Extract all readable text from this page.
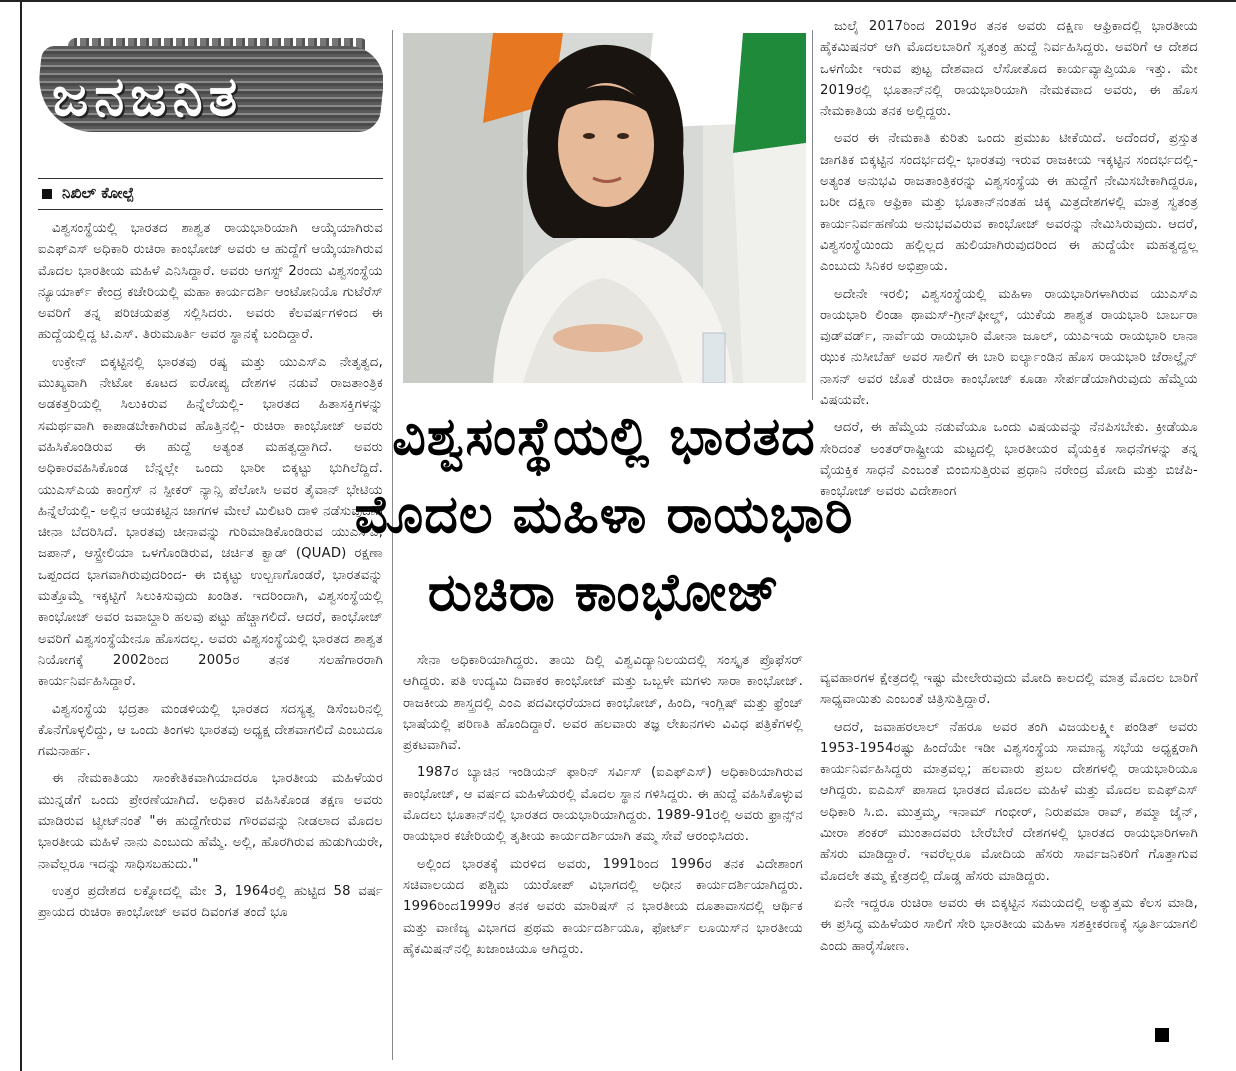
ಜನಜನಿತ
ನಿಖಿಲ್ ಕೋಲ್ಪೆ
ವಿಶ್ವಸಂಸ್ಥೆಯಲ್ಲಿ ಭಾರತದ
ಮೊದಲ ಮಹಿಳಾ ರಾಯಭಾರಿ
ರುಚಿರಾ ಕಾಂಭೋಜ್

ವಿಶ್ವಸಂಸ್ಥೆಯಲ್ಲಿ ಭಾರತದ ಶಾಶ್ವತ ರಾಯಭಾರಿಯಾಗಿ ಆಯ್ಕೆಯಾಗಿರುವ ಐಎಫ್‌ಎಸ್ ಅಧಿಕಾರಿ ರುಚಿರಾ ಕಾಂಭೋಜ್ ಅವರು ಆ ಹುದ್ದೆಗೆ ಆಯ್ಕೆಯಾಗಿರುವ ಮೊದಲ ಭಾರತೀಯ ಮಹಿಳೆ ಎನಿಸಿದ್ದಾರೆ. ಅವರು ಆಗಸ್ಟ್ 2ರಂದು ವಿಶ್ವಸಂಸ್ಥೆಯ ನ್ಯೂಯಾರ್ಕ್ ಕೇಂದ್ರ ಕಚೇರಿಯಲ್ಲಿ ಮಹಾ ಕಾರ್ಯದರ್ಶಿ ಆಂಟೋನಿಯೊ ಗುಟೆರೆಸ್ ಅವರಿಗೆ ತನ್ನ ಪರಿಚಯಪತ್ರ ಸಲ್ಲಿಸಿದರು. ಅವರು ಕೆಲವರ್ಷಗಳಿಂದ ಈ ಹುದ್ದೆಯಲ್ಲಿದ್ದ ಟಿ.ಎಸ್. ತಿರುಮೂರ್ತಿ ಅವರ ಸ್ಥಾನಕ್ಕೆ ಬಂದಿದ್ದಾರೆ.

ಉಕ್ರೇನ್ ಬಿಕ್ಕಟ್ಟಿನಲ್ಲಿ ಭಾರತವು ರಷ್ಯ ಮತ್ತು ಯುಎಸ್‌ಎ ನೇತೃತ್ವದ, ಮುಖ್ಯವಾಗಿ ನೇಟೋ ಕೂಟದ ಐರೋಪ್ಯ ದೇಶಗಳ ನಡುವೆ ರಾಜತಾಂತ್ರಿಕ ಅಡಕತ್ತರಿಯಲ್ಲಿ ಸಿಲುಕಿರುವ ಹಿನ್ನೆಲೆಯಲ್ಲಿ- ಭಾರತದ ಹಿತಾಸಕ್ತಿಗಳನ್ನು ಸಮರ್ಥವಾಗಿ ಕಾಪಾಡಬೇಕಾಗಿರುವ ಹೊತ್ತಿನಲ್ಲಿ- ರುಚಿರಾ ಕಾಂಭೋಜ್ ಅವರು ವಹಿಸಿಕೊಂಡಿರುವ ಈ ಹುದ್ದೆ ಅತ್ಯಂತ ಮಹತ್ವದ್ದಾಗಿದೆ. ಅವರು ಅಧಿಕಾರವಹಿಸಿಕೊಂಡ ಬೆನ್ನಲ್ಲೇ ಒಂದು ಭಾರೀ ಬಿಕ್ಕಟ್ಟು ಭುಗಿಲೆದ್ದಿದೆ. ಯುಎಸ್‌ಎಯ ಕಾಂಗ್ರೆಸ್ ನ ಸ್ಪೀಕರ್ ನ್ಯಾನ್ಸಿ ಪೆಲೋಸಿ ಅವರ ತೈವಾನ್ ಭೇಟಿಯ ಹಿನ್ನೆಲೆಯಲ್ಲಿ- ಅಲ್ಲಿನ ಆಯಕಟ್ಟಿನ ಜಾಗಗಳ ಮೇಲೆ ಮಿಲಿಟರಿ ದಾಳಿ ನಡೆಸುವುದಾಗಿ ಚೀನಾ ಬೆದರಿಸಿದೆ. ಭಾರತವು ಚೀನಾವನ್ನು ಗುರಿಮಾಡಿಕೊಂಡಿರುವ ಯುಎಸ್‌ಎ, ಜಪಾನ್, ಆಸ್ಟ್ರೇಲಿಯಾ ಒಳಗೊಂಡಿರುವ, ಚರ್ಚಿತ ಕ್ವಾಡ್ (QUAD) ರಕ್ಷಣಾ ಒಪ್ಪಂದದ ಭಾಗವಾಗಿರುವುದರಿಂದ- ಈ ಬಿಕ್ಕಟ್ಟು ಉಲ್ಬಣಗೊಂಡರೆ, ಭಾರತವನ್ನು ಮತ್ತೊಮ್ಮೆ ಇಕ್ಕಟ್ಟಿಗೆ ಸಿಲುಕಿಸುವುದು ಖಂಡಿತ. ಇದರಿಂದಾಗಿ, ವಿಶ್ವಸಂಸ್ಥೆಯಲ್ಲಿ ಕಾಂಭೋಜ್ ಅವರ ಜವಾಬ್ದಾರಿ ಹಲವು ಪಟ್ಟು ಹೆಚ್ಚಾಗಲಿದೆ. ಆದರೆ, ಕಾಂಭೋಜ್ ಅವರಿಗೆ ವಿಶ್ವಸಂಸ್ಥೆಯೇನೂ ಹೊಸದಲ್ಲ. ಅವರು ವಿಶ್ವಸಂಸ್ಥೆಯಲ್ಲಿ ಭಾರತದ ಶಾಶ್ವತ ನಿಯೋಗಕ್ಕೆ 2002ರಿಂದ 2005ರ ತನಕ ಸಲಹೆಗಾರರಾಗಿ ಕಾರ್ಯನಿರ್ವಹಿಸಿದ್ದಾರೆ.

ವಿಶ್ವಸಂಸ್ಥೆಯ ಭದ್ರತಾ ಮಂಡಳಿಯಲ್ಲಿ ಭಾರತದ ಸದಸ್ಯತ್ವ ಡಿಸೆಂಬರಿನಲ್ಲಿ ಕೊನೆಗೊಳ್ಳಲಿದ್ದು, ಆ ಒಂದು ತಿಂಗಳು ಭಾರತವು ಅಧ್ಯಕ್ಷ ದೇಶವಾಗಲಿದೆ ಎಂಬುದೂ ಗಮನಾರ್ಹ.

ಈ ನೇಮಕಾತಿಯು ಸಾಂಕೇತಿಕವಾಗಿಯಾದರೂ ಭಾರತೀಯ ಮಹಿಳೆಯರ ಮುನ್ನಡೆಗೆ ಒಂದು ಪ್ರೇರಣೆಯಾಗಿದೆ. ಅಧಿಕಾರ ವಹಿಸಿಕೊಂಡ ತಕ್ಷಣ ಅವರು ಮಾಡಿರುವ ಟ್ವೀಟ್‌ನಂತೆ "ಈ ಹುದ್ದೆಗೇರುವ ಗೌರವವನ್ನು ನೀಡಲಾದ ಮೊದಲ ಭಾರತೀಯ ಮಹಿಳೆ ನಾನು ಎಂಬುದು ಹೆಮ್ಮೆ. ಅಲ್ಲಿ, ಹೊರಗಿರುವ ಹುಡುಗಿಯರೇ, ನಾವೆಲ್ಲರೂ ಇದನ್ನು ಸಾಧಿಸಬಹುದು."

ಉತ್ತರ ಪ್ರದೇಶದ ಲಕ್ನೋದಲ್ಲಿ ಮೇ 3, 1964ರಲ್ಲಿ ಹುಟ್ಟಿದ 58 ವರ್ಷ ಪ್ರಾಯದ ರುಚಿರಾ ಕಾಂಭೋಜ್ ಅವರ ದಿವಂಗತ ತಂದೆ ಭೂ

ಸೇನಾ ಅಧಿಕಾರಿಯಾಗಿದ್ದರು. ತಾಯಿ ದಿಲ್ಲಿ ವಿಶ್ವವಿದ್ಯಾನಿಲಯದಲ್ಲಿ ಸಂಸ್ಕೃತ ಪ್ರೊಫೆಸರ್ ಆಗಿದ್ದರು. ಪತಿ ಉದ್ಯಮಿ ದಿವಾಕರ ಕಾಂಭೋಜ್ ಮತ್ತು ಒಬ್ಬಳೇ ಮಗಳು ಸಾರಾ ಕಾಂಭೋಜ್. ರಾಜಕೀಯ ಶಾಸ್ತ್ರದಲ್ಲಿ ಎಂಎ ಪದವೀಧರೆಯಾದ ಕಾಂಭೋಜ್, ಹಿಂದಿ, ಇಂಗ್ಲಿಷ್ ಮತ್ತು ಫ್ರೆಂಚ್ ಭಾಷೆಯಲ್ಲಿ ಪರಿಣತಿ ಹೊಂದಿದ್ದಾರೆ. ಅವರ ಹಲವಾರು ತಜ್ಞ ಲೇಖನಗಳು ವಿವಿಧ ಪತ್ರಿಕೆಗಳಲ್ಲಿ ಪ್ರಕಟವಾಗಿವೆ.

1987ರ ಬ್ಯಾಚಿನ ಇಂಡಿಯನ್ ಫಾರಿನ್ ಸರ್ವಿಸ್ (ಐಎಫ್‌ಎಸ್) ಅಧಿಕಾರಿಯಾಗಿರುವ ಕಾಂಭೋಜ್, ಆ ವರ್ಷದ ಮಹಿಳೆಯರಲ್ಲಿ ಮೊದಲ ಸ್ಥಾನ ಗಳಿಸಿದ್ದರು. ಈ ಹುದ್ದೆ ವಹಿಸಿಕೊಳ್ಳುವ ಮೊದಲು ಭೂತಾನ್‌ನಲ್ಲಿ ಭಾರತದ ರಾಯಭಾರಿಯಾಗಿದ್ದರು. 1989-91ರಲ್ಲಿ ಅವರು ಫ್ರಾನ್ಸ್‌ನ ರಾಯಭಾರ ಕಚೇರಿಯಲ್ಲಿ ತೃತೀಯ ಕಾರ್ಯದರ್ಶಿಯಾಗಿ ತಮ್ಮ ಸೇವೆ ಆರಂಭಿಸಿದರು.

ಅಲ್ಲಿಂದ ಭಾರತಕ್ಕೆ ಮರಳಿದ ಅವರು, 1991ರಿಂದ 1996ರ ತನಕ ವಿದೇಶಾಂಗ ಸಚಿವಾಲಯದ ಪಶ್ಚಿಮ ಯುರೋಪ್ ವಿಭಾಗದಲ್ಲಿ ಅಧೀನ ಕಾರ್ಯದರ್ಶಿಯಾಗಿದ್ದರು. 1996ರಿಂದ1999ರ ತನಕ ಅವರು ಮಾರಿಷಸ್ ನ ಭಾರತೀಯ ದೂತಾವಾಸದಲ್ಲಿ ಆರ್ಥಿಕ ಮತ್ತು ವಾಣಿಜ್ಯ ವಿಭಾಗದ ಪ್ರಥಮ ಕಾರ್ಯದರ್ಶಿಯೂ, ಫೋರ್ಟ್ ಲೂಯಿಸ್‌ನ ಭಾರತೀಯ ಹೈಕಮಿಷನ್‌ನಲ್ಲಿ ಖಜಾಂಚಿಯೂ ಆಗಿದ್ದರು.

ಜುಲೈ 2017ರಿಂದ 2019ರ ತನಕ ಅವರು ದಕ್ಷಿಣ ಆಫ್ರಿಕಾದಲ್ಲಿ ಭಾರತೀಯ ಹೈಕಮಿಷನರ್ ಆಗಿ ಮೊದಲಬಾರಿಗೆ ಸ್ವತಂತ್ರ ಹುದ್ದೆ ನಿರ್ವಹಿಸಿದ್ದರು. ಅವರಿಗೆ ಆ ದೇಶದ ಒಳಗೆಯೇ ಇರುವ ಪುಟ್ಟ ದೇಶವಾದ ಲೆಸೋತೊದ ಕಾರ್ಯವ್ಯಾಪ್ತಿಯೂ ಇತ್ತು. ಮೇ 2019ರಲ್ಲಿ ಭೂತಾನ್‌ನಲ್ಲಿ ರಾಯಭಾರಿಯಾಗಿ ನೇಮಕವಾದ ಅವರು, ಈ ಹೊಸ ನೇಮಕಾತಿಯ ತನಕ ಅಲ್ಲಿದ್ದರು.

ಅವರ ಈ ನೇಮಕಾತಿ ಕುರಿತು ಒಂದು ಪ್ರಮುಖ ಟೀಕೆಯಿದೆ. ಅದೆಂದರೆ, ಪ್ರಸ್ತುತ ಜಾಗತಿಕ ಬಿಕ್ಕಟ್ಟಿನ ಸಂದರ್ಭದಲ್ಲಿ- ಭಾರತವು ಇರುವ ರಾಜಕೀಯ ಇಕ್ಕಟ್ಟಿನ ಸಂದರ್ಭದಲ್ಲಿ- ಅತ್ಯಂತ ಅನುಭವಿ ರಾಜತಾಂತ್ರಿಕರನ್ನು ವಿಶ್ವಸಂಸ್ಥೆಯ ಈ ಹುದ್ದೆಗೆ ನೇಮಿಸಬೇಕಾಗಿದ್ದರೂ, ಬರೀ ದಕ್ಷಿಣ ಆಫ್ರಿಕಾ ಮತ್ತು ಭೂತಾನ್‌ನಂತಹ ಚಿಕ್ಕ ಮಿತ್ರದೇಶಗಳಲ್ಲಿ ಮಾತ್ರ ಸ್ವತಂತ್ರ ಕಾರ್ಯನಿರ್ವಹಣೆಯ ಅನುಭವವಿರುವ ಕಾಂಭೋಜ್ ಅವರನ್ನು ನೇಮಿಸಿರುವುದು. ಆದರೆ, ವಿಶ್ವಸಂಸ್ಥೆಯಿಂದು ಹಲ್ಲಿಲ್ಲದ ಹುಲಿಯಾಗಿರುವುದರಿಂದ ಈ ಹುದ್ದೆಯೇ ಮಹತ್ವದ್ದಲ್ಲ ಎಂಬುದು ಸಿನಿಕರ ಅಭಿಪ್ರಾಯ.

ಅದೇನೇ ಇರಲಿ; ವಿಶ್ವಸಂಸ್ಥೆಯಲ್ಲಿ ಮಹಿಳಾ ರಾಯಭಾರಿಗಳಾಗಿರುವ ಯುಎಸ್‌ಎ ರಾಯಭಾರಿ ಲಿಂಡಾ ಥಾಮಸ್-ಗ್ರೀನ್‌ಫೀಲ್ಡ್, ಯುಕೆಯ ಶಾಶ್ವತ ರಾಯಭಾರಿ ಬಾರ್ಬರಾ ವುಡ್‌ವರ್ಡ್, ನಾರ್ವೆಯ ರಾಯಭಾರಿ ಮೋನಾ ಜೂಲ್, ಯುಎಇಯ ರಾಯಭಾರಿ ಲಾನಾ ಝುಕ ನುಸೀಬೆಹ್ ಅವರ ಸಾಲಿಗೆ ಈ ಬಾರಿ ಐರ್ಲ್ಯಾಂಡಿನ ಹೊಸ ರಾಯಭಾರಿ ಜೆರಾಲ್ಡೈನ್ ನಾಸನ್ ಅವರ ಜೊತೆ ರುಚಿರಾ ಕಾಂಭೋಜ್ ಕೂಡಾ ಸೇರ್ಪಡೆಯಾಗಿರುವುದು ಹೆಮ್ಮೆಯ ವಿಷಯವೇ.

ಆದರೆ, ಈ ಹೆಮ್ಮೆಯ ನಡುವೆಯೂ ಒಂದು ವಿಷಯವನ್ನು ನೆನಪಿಸಬೇಕು. ಕ್ರೀಡೆಯೂ ಸೇರಿದಂತೆ ಅಂತರ್‌ರಾಷ್ಟ್ರೀಯ ಮಟ್ಟದಲ್ಲಿ ಭಾರತೀಯರ ವೈಯಕ್ತಿಕ ಸಾಧನೆಗಳನ್ನು ತನ್ನ ವೈಯಕ್ತಿಕ ಸಾಧನೆ ಎಂಬಂತೆ ಬಿಂಬಿಸುತ್ತಿರುವ ಪ್ರಧಾನಿ ನರೇಂದ್ರ ಮೋದಿ ಮತ್ತು ಬಿಜೆಪಿ- ಕಾಂಭೋಜ್ ಅವರು ವಿದೇಶಾಂಗ

ವ್ಯವಹಾರಗಳ ಕ್ಷೇತ್ರದಲ್ಲಿ ಇಷ್ಟು ಮೇಲೇರುವುದು ಮೋದಿ ಕಾಲದಲ್ಲಿ ಮಾತ್ರ ಮೊದಲ ಬಾರಿಗೆ ಸಾಧ್ಯವಾಯಿತು ಎಂಬಂತೆ ಚಿತ್ರಿಸುತ್ತಿದ್ದಾರೆ.

ಆದರೆ, ಜವಾಹರಲಾಲ್ ನೆಹರೂ ಅವರ ತಂಗಿ ವಿಜಯಲಕ್ಷ್ಮೀ ಪಂಡಿತ್ ಅವರು 1953-1954ರಷ್ಟು ಹಿಂದೆಯೇ ಇಡೀ ವಿಶ್ವಸಂಸ್ಥೆಯ ಸಾಮಾನ್ಯ ಸಭೆಯ ಅಧ್ಯಕ್ಷರಾಗಿ ಕಾರ್ಯನಿರ್ವಹಿಸಿದ್ದರು ಮಾತ್ರವಲ್ಲ; ಹಲವಾರು ಪ್ರಬಲ ದೇಶಗಳಲ್ಲಿ ರಾಯಭಾರಿಯೂ ಆಗಿದ್ದರು. ಐಎಎಸ್ ಪಾಸಾದ ಭಾರತದ ಮೊದಲ ಮಹಿಳೆ ಮತ್ತು ಮೊದಲ ಐಎಫ್‌ಎಸ್ ಅಧಿಕಾರಿ ಸಿ.ಬಿ. ಮುತ್ತಮ್ಮ, ಇನಾಮ್ ಗಂಭೀರ್, ನಿರುಪಮಾ ರಾವ್, ಶಮ್ಮಾ ಜೈನ್, ಮೀರಾ ಶಂಕರ್ ಮುಂತಾದವರು ಬೇರೆಬೇರೆ ದೇಶಗಳಲ್ಲಿ ಭಾರತದ ರಾಯಭಾರಿಗಳಾಗಿ ಹೆಸರು ಮಾಡಿದ್ದಾರೆ. ಇವರೆಲ್ಲರೂ ಮೋದಿಯ ಹೆಸರು ಸಾರ್ವಜನಿಕರಿಗೆ ಗೊತ್ತಾಗುವ ಮೊದಲೇ ತಮ್ಮ ಕ್ಷೇತ್ರದಲ್ಲಿ ದೊಡ್ಡ ಹೆಸರು ಮಾಡಿದ್ದರು.

ಏನೇ ಇದ್ದರೂ ರುಚಿರಾ ಅವರು ಈ ಬಿಕ್ಕಟ್ಟಿನ ಸಮಯದಲ್ಲಿ ಅತ್ಯುತ್ತಮ ಕೆಲಸ ಮಾಡಿ, ಈ ಪ್ರಸಿದ್ಧ ಮಹಿಳೆಯರ ಸಾಲಿಗೆ ಸೇರಿ ಭಾರತೀಯ ಮಹಿಳಾ ಸಶಕ್ತೀಕರಣಕ್ಕೆ ಸ್ಫೂರ್ತಿಯಾಗಲಿ ಎಂದು ಹಾರೈಸೋಣ.
